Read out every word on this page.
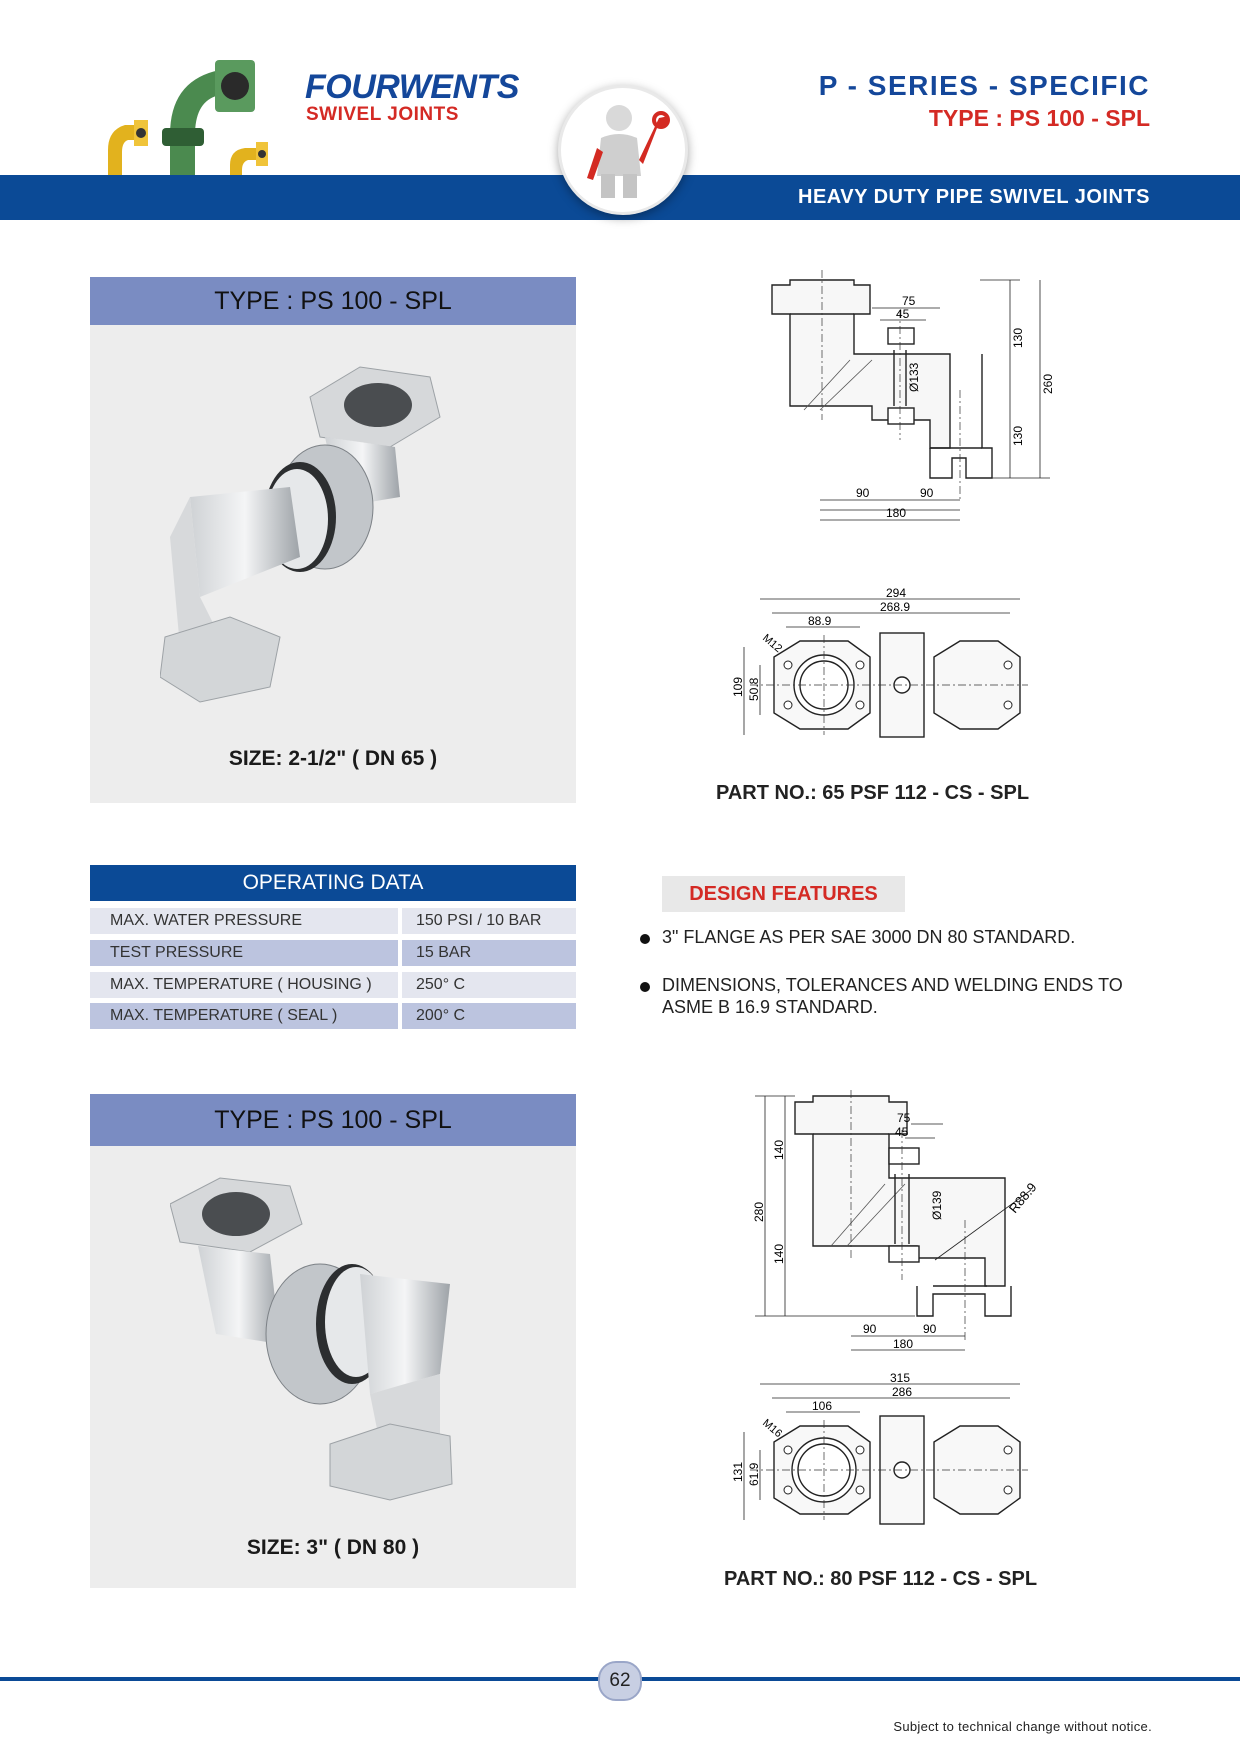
FOURWENTS
SWIVEL JOINTS
P - SERIES - SPECIFIC
TYPE : PS 100 - SPL
HEAVY DUTY PIPE SWIVEL JOINTS
TYPE : PS 100 - SPL
SIZE: 2-1/2" ( DN 65 )
75
45
Ø133
130
260
130
90	90
180
294
268.9
88.9
M12
109 50.8
PART NO.: 65 PSF 112 - CS - SPL
OPERATING DATA
MAX. WATER PRESSURE	150 PSI / 10 BAR
TEST PRESSURE	15 BAR
MAX. TEMPERATURE ( HOUSING )	250° C
MAX. TEMPERATURE ( SEAL )	200° C
DESIGN FEATURES
3" FLANGE AS PER SAE 3000 DN 80 STANDARD.
DIMENSIONS, TOLERANCES AND WELDING ENDS TO ASME B 16.9 STANDARD.
TYPE : PS 100 - SPL
SIZE: 3" ( DN 80 )
75
45
Ø139	R88.9
140
280
140
90	90
180
315
286
106
M16
131 61.9
PART NO.: 80 PSF 112 - CS - SPL
62
Subject to technical change without notice.
